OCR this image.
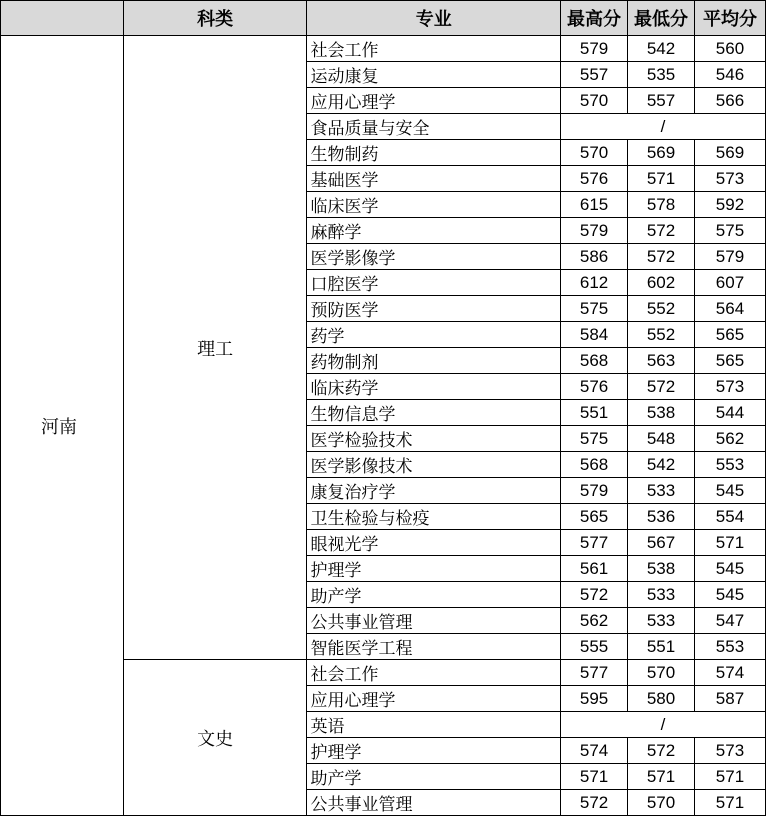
	科类	专业	最高分	最低分	平均分
河南	理工	社会工作	579	542	560
		运动康复	557	535	546
		应用心理学	570	557	566
		食品质量与安全	/		
		生物制药	570	569	569
		基础医学	576	571	573
		临床医学	615	578	592
		麻醉学	579	572	575
		医学影像学	586	572	579
		口腔医学	612	602	607
		预防医学	575	552	564
		药学	584	552	565
		药物制剂	568	563	565
		临床药学	576	572	573
		生物信息学	551	538	544
		医学检验技术	575	548	562
		医学影像技术	568	542	553
		康复治疗学	579	533	545
		卫生检验与检疫	565	536	554
		眼视光学	577	567	571
		护理学	561	538	545
		助产学	572	533	545
		公共事业管理	562	533	547
		智能医学工程	555	551	553
	文史	社会工作	577	570	574
		应用心理学	595	580	587
		英语	/		
		护理学	574	572	573
		助产学	571	571	571
		公共事业管理	572	570	571
